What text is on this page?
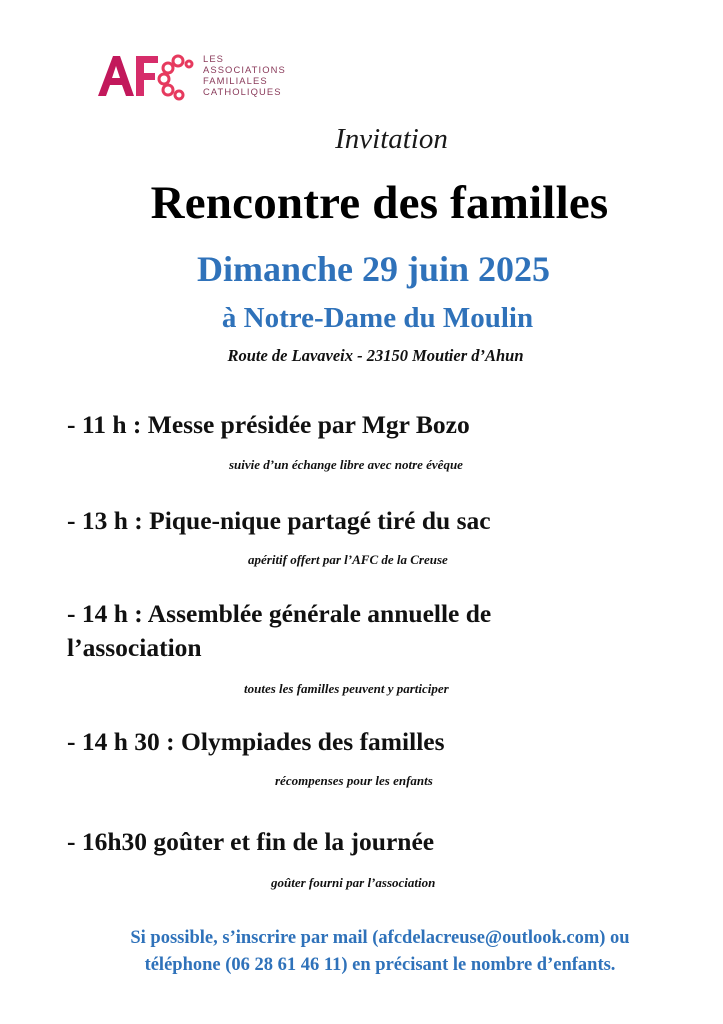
LES
ASSOCIATIONS
FAMILIALES
CATHOLIQUES
Invitation
Rencontre des familles
Dimanche 29 juin 2025
à Notre-Dame du Moulin
Route de Lavaveix - 23150 Moutier d’Ahun
- 11 h : Messe présidée par Mgr Bozo
suivie d’un échange libre avec notre évêque
- 13 h : Pique-nique partagé tiré du sac
apéritif offert par l’AFC de la Creuse
- 14 h : Assemblée générale annuelle de
l’association
toutes les familles peuvent y participer
- 14 h 30 : Olympiades des familles
récompenses pour les enfants
- 16h30 goûter et fin de la journée
goûter fourni par l’association
Si possible, s’inscrire par mail (afcdelacreuse@outlook.com) ou
téléphone (06 28 61 46 11) en précisant le nombre d’enfants.
